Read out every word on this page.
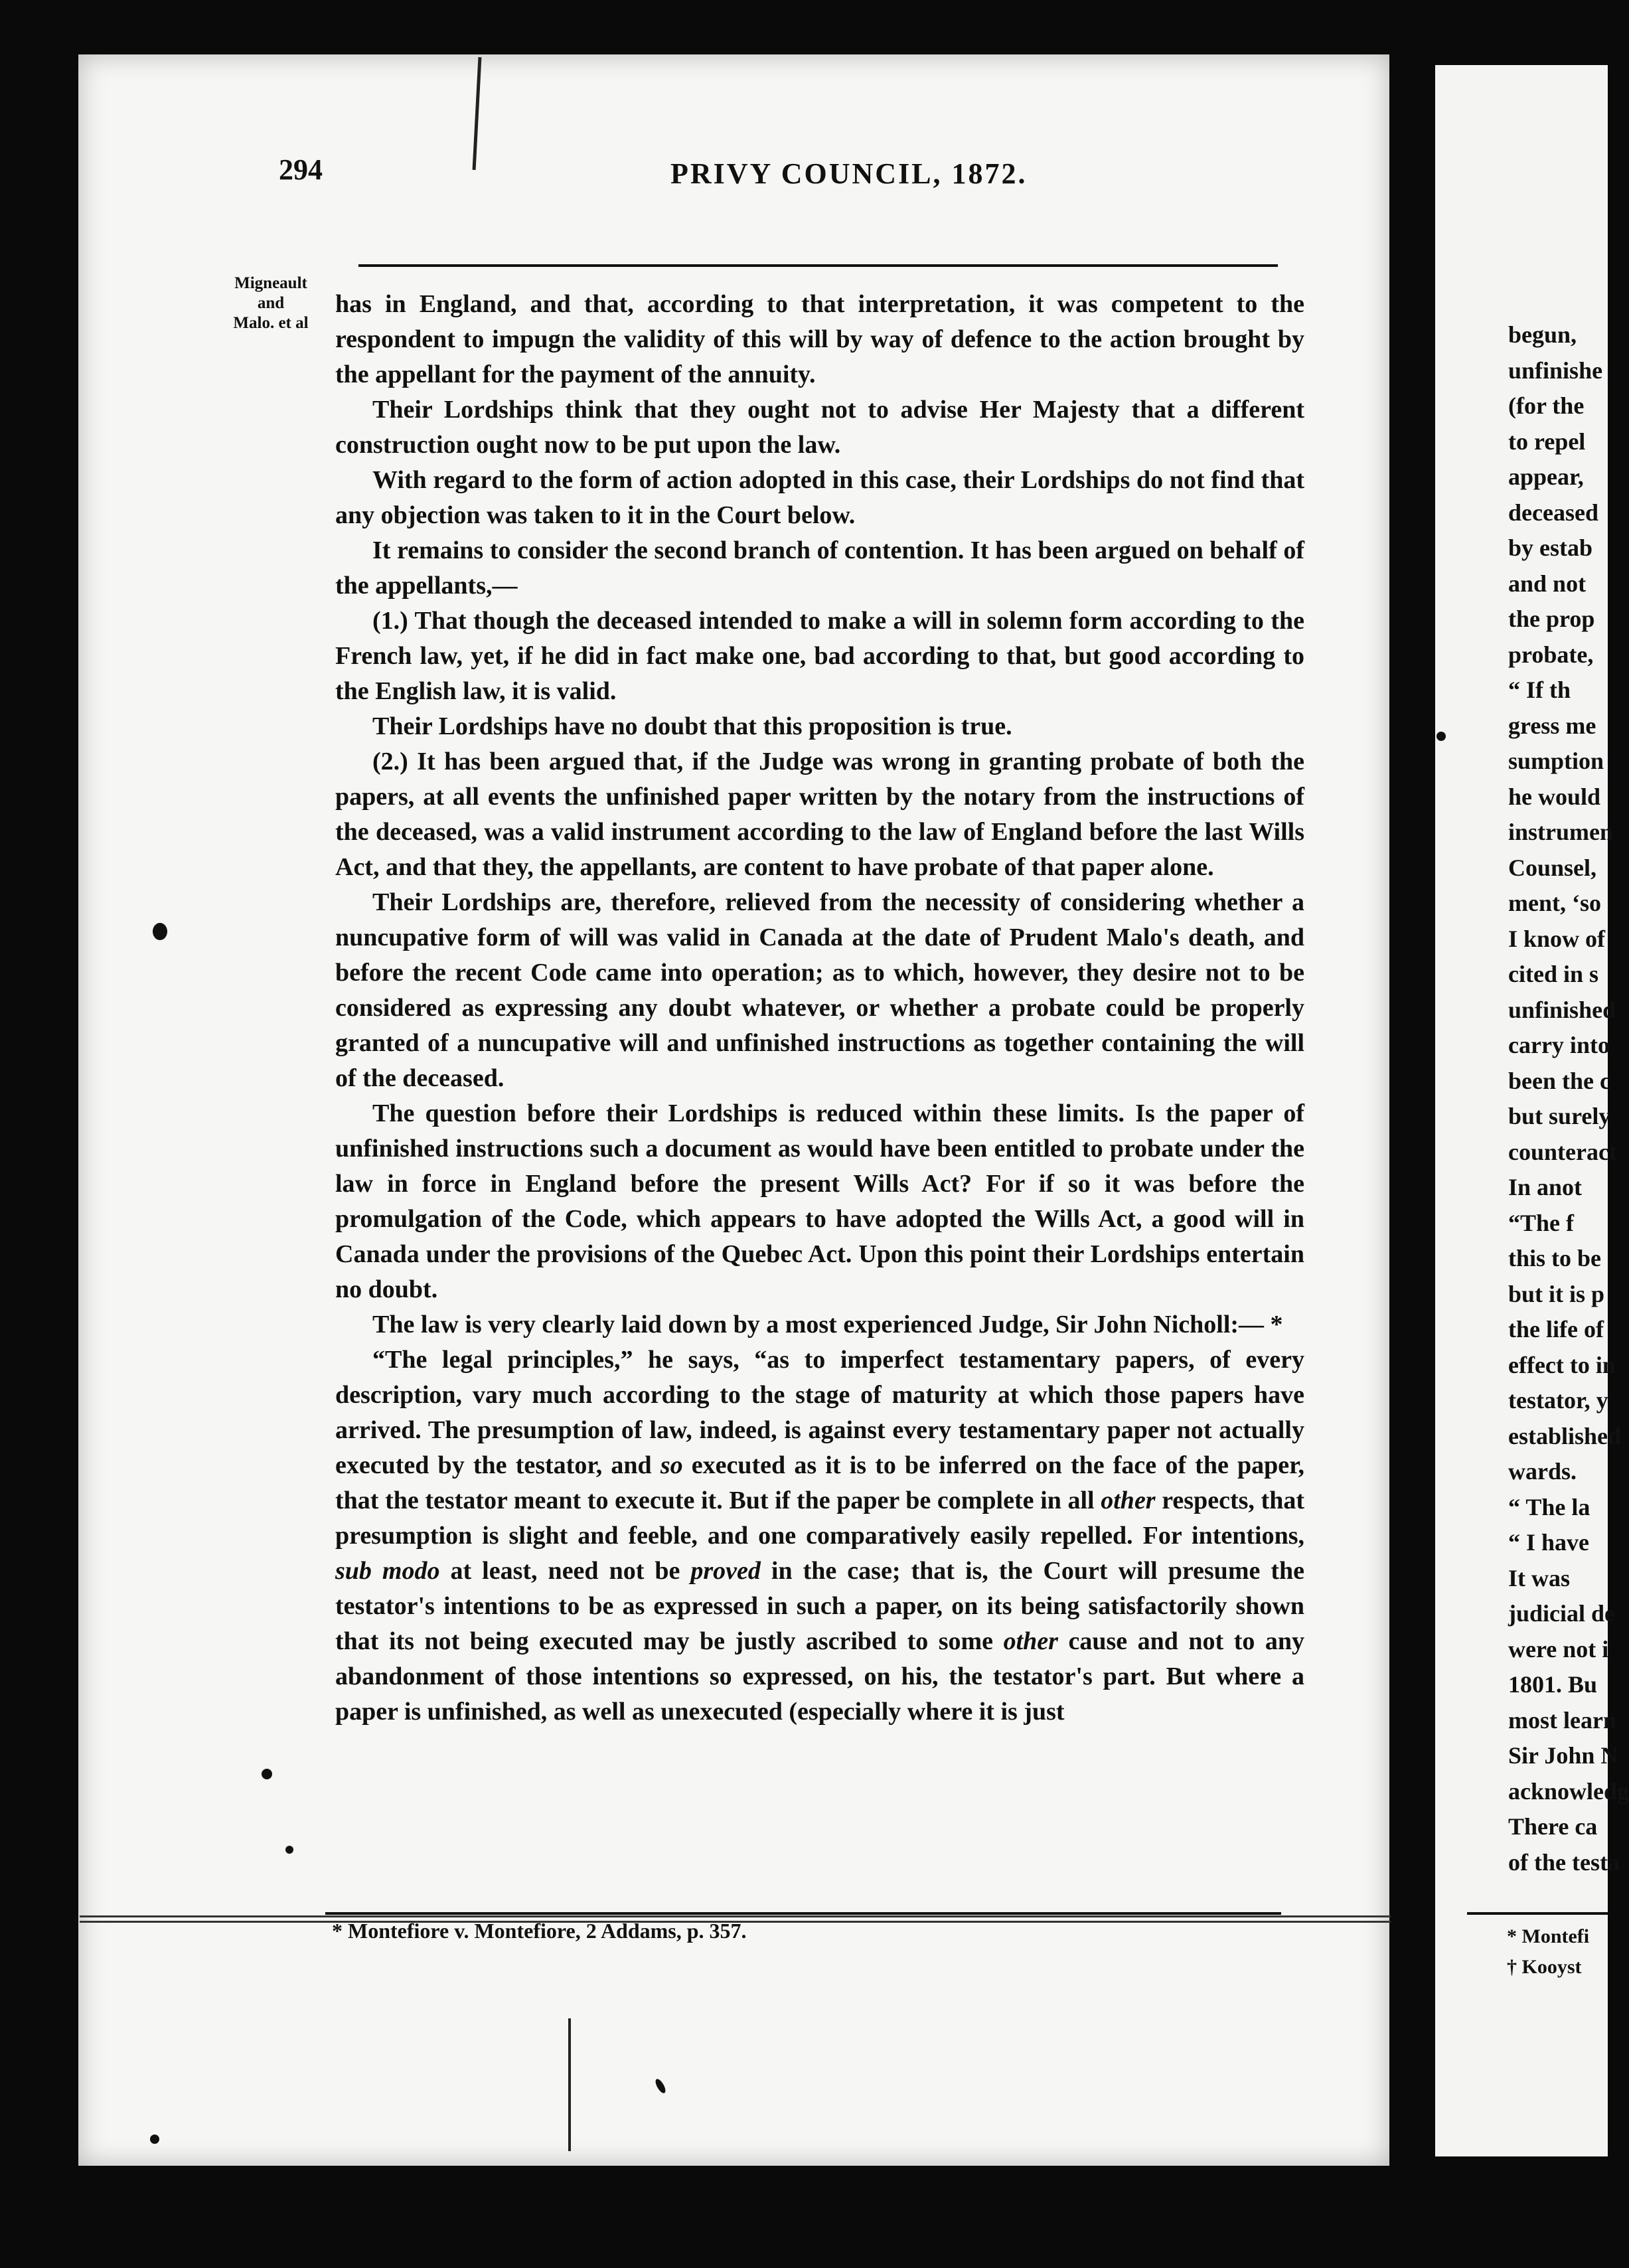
294	PRIVY COUNCIL, 1872.
Migneault
and
Malo. et al

has in England, and that, according to that interpretation, it was competent to the respondent to impugn the validity of this will by way of defence to the action brought by the appellant for the payment of the annuity.

Their Lordships think that they ought not to advise Her Majesty that a different construction ought now to be put upon the law.

With regard to the form of action adopted in this case, their Lordships do not find that any objection was taken to it in the Court below.

It remains to consider the second branch of contention. It has been argued on behalf of the appellants,—

(1.) That though the deceased intended to make a will in solemn form according to the French law, yet, if he did in fact make one, bad according to that, but good according to the English law, it is valid.

Their Lordships have no doubt that this proposition is true.

(2.) It has been argued that, if the Judge was wrong in granting probate of both the papers, at all events the unfinished paper written by the notary from the instructions of the deceased, was a valid instrument according to the law of England before the last Wills Act, and that they, the appellants, are content to have probate of that paper alone.

Their Lordships are, therefore, relieved from the necessity of considering whether a nuncupative form of will was valid in Canada at the date of Prudent Malo's death, and before the recent Code came into operation; as to which, however, they desire not to be considered as expressing any doubt whatever, or whether a probate could be properly granted of a nuncupative will and unfinished instructions as together containing the will of the deceased.

The question before their Lordships is reduced within these limits. Is the paper of unfinished instructions such a document as would have been entitled to probate under the law in force in England before the present Wills Act? For if so it was before the promulgation of the Code, which appears to have adopted the Wills Act, a good will in Canada under the provisions of the Quebec Act. Upon this point their Lordships entertain no doubt.

The law is very clearly laid down by a most experienced Judge, Sir John Nicholl:— *

“The legal principles,” he says, “as to imperfect testamentary papers, of every description, vary much according to the stage of maturity at which those papers have arrived. The presumption of law, indeed, is against every testamentary paper not actually executed by the testator, and so executed as it is to be inferred on the face of the paper, that the testator meant to execute it. But if the paper be complete in all other respects, that presumption is slight and feeble, and one comparatively easily repelled. For intentions, sub modo at least, need not be proved in the case; that is, the Court will presume the testator's intentions to be as expressed in such a paper, on its being satisfactorily shown that its not being executed may be justly ascribed to some other cause and not to any abandonment of those intentions so expressed, on his, the testator's part. But where a paper is unfinished, as well as unexecuted (especially where it is just

* Montefiore v. Montefiore, 2 Addams, p. 357.
begun,
unfinishe
(for the
to repel
appear,
deceased
by estab
and not
the prop
probate,
“ If th
gress me
sumption
he would
instrumen
Counsel,
ment, ‘so
I know of
cited in s
unfinished
carry into
been the c
but surely
counteract
In anot
“The f
this to be
but it is p
the life of
effect to in
testator, y
established
wards.
“ The la
“ I have
It was
judicial de
were not i
1801. Bu
most learn
Sir John N
acknowledg
There ca
of the testa
* Montefi
† Kooyst
